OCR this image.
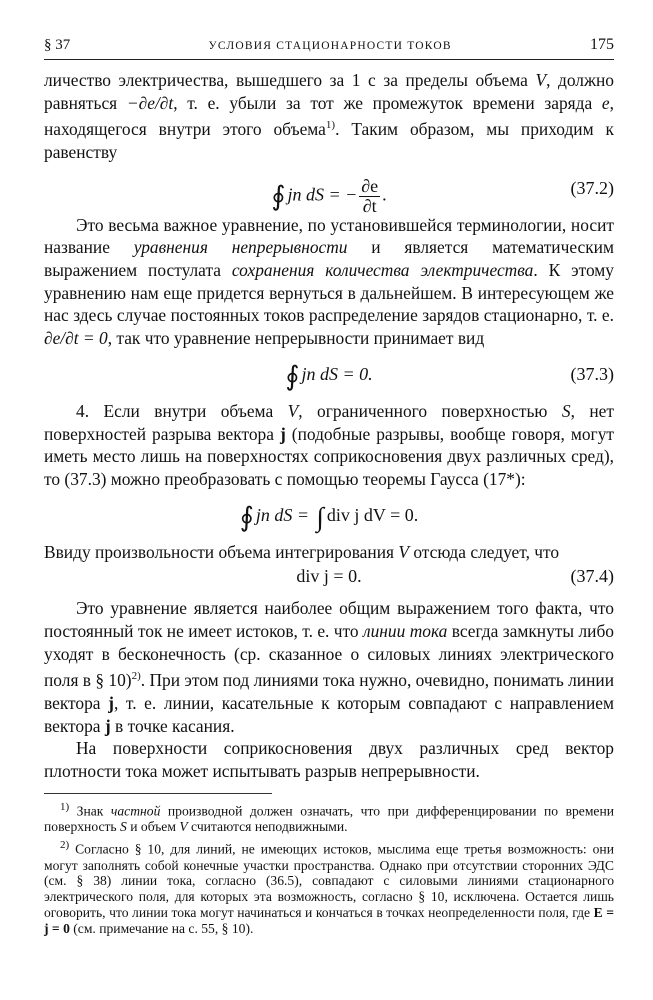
§ 37	УСЛОВИЯ СТАЦИОНАРНОСТИ ТОКОВ	175

личество электричества, вышедшего за 1 с за пределы объема V, должно равняться −∂e/∂t, т. е. убыли за тот же промежуток времени заряда e, находящегося внутри этого объема$^{1)}$. Таким образом, мы приходим к равенству

∮ jn dS = − $\frac{\partial e}{\partial t}$ .	(37.2)

Это весьма важное уравнение, по установившейся терминологии, носит название уравнения непрерывности и является математическим выражением постулата сохранения количества электричества. К этому уравнению нам еще придется вернуться в дальнейшем. В интересующем же нас здесь случае постоянных токов распределение зарядов стационарно, т. е. ∂e/∂t = 0, так что уравнение непрерывности принимает вид

∮ jn dS = 0.	(37.3)

4. Если внутри объема V, ограниченного поверхностью S, нет поверхностей разрыва вектора j (подобные разрывы, вообще говоря, могут иметь место лишь на поверхностях соприкосновения двух различных сред), то (37.3) можно преобразовать с помощью теоремы Гаусса (17*):

∮ jn dS = ∫ div j dV = 0.

Ввиду произвольности объема интегрирования V отсюда следует, что

div j = 0.	(37.4)

Это уравнение является наиболее общим выражением того факта, что постоянный ток не имеет истоков, т. е. что линии тока всегда замкнуты либо уходят в бесконечность (ср. сказанное о силовых линиях электрического поля в § 10)$^{2)}$. При этом под линиями тока нужно, очевидно, понимать линии вектора j, т. е. линии, касательные к которым совпадают с направлением вектора j в точке касания.

На поверхности соприкосновения двух различных сред вектор плотности тока может испытывать разрыв непрерывности.

$^{1)}$ Знак частной производной должен означать, что при дифференцировании по времени поверхность S и объем V считаются неподвижными.

$^{2)}$ Согласно § 10, для линий, не имеющих истоков, мыслима еще третья возможность: они могут заполнять собой конечные участки пространства. Однако при отсутствии сторонних ЭДС (см. § 38) линии тока, согласно (36.5), совпадают с силовыми линиями стационарного электрического поля, для которых эта возможность, согласно § 10, исключена. Остается лишь оговорить, что линии тока могут начинаться и кончаться в точках неопределенности поля, где E = j = 0 (см. примечание на с. 55, § 10).
